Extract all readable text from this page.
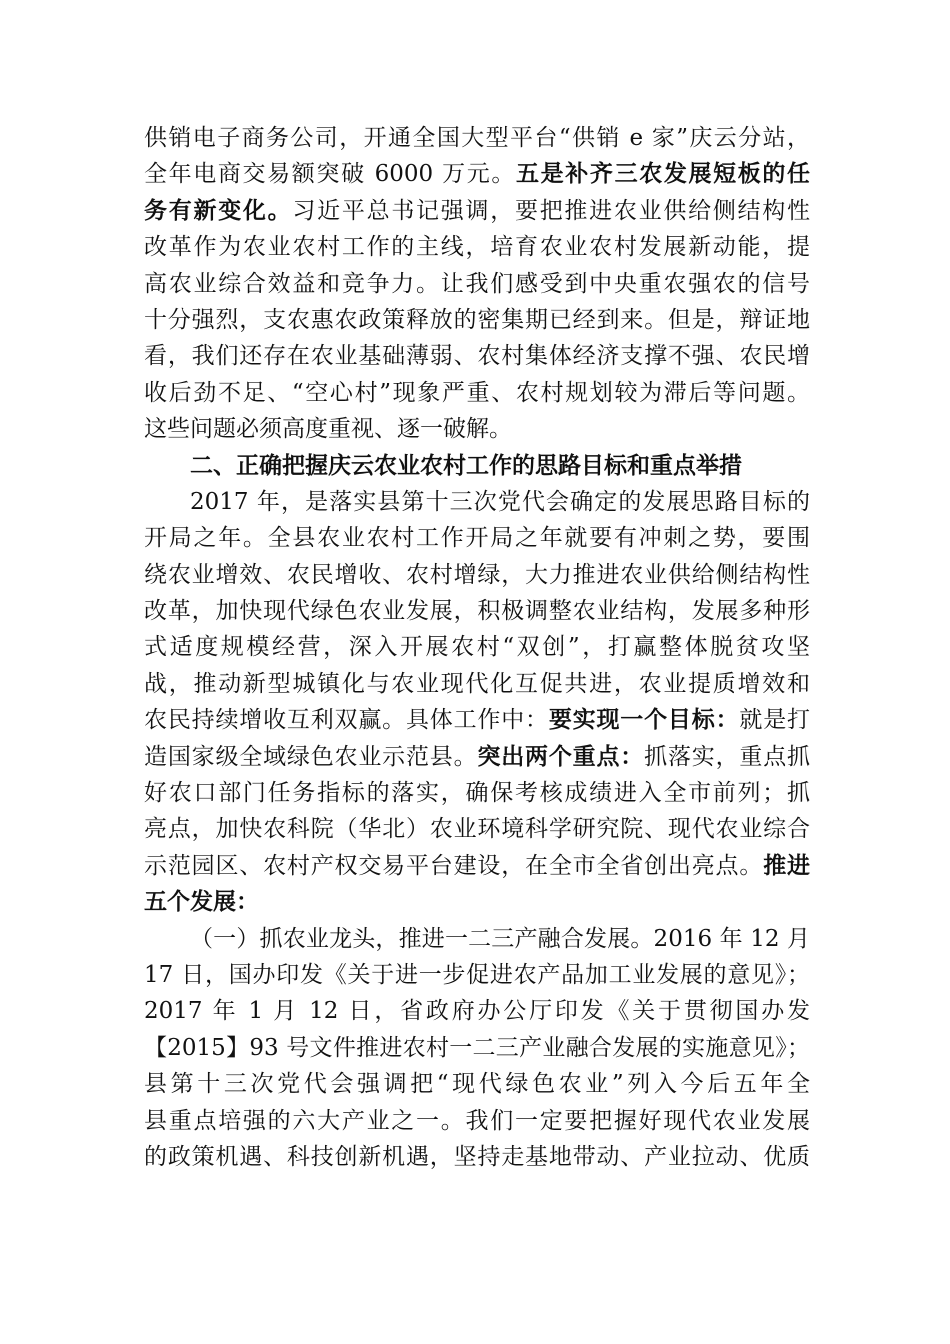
供销电子商务公司，开通全国大型平台“供销 e 家”庆云分站，
全年电商交易额突破 6000 万元。五是补齐三农发展短板的任
务有新变化。习近平总书记强调，要把推进农业供给侧结构性
改革作为农业农村工作的主线，培育农业农村发展新动能，提
高农业综合效益和竞争力。让我们感受到中央重农强农的信号
十分强烈，支农惠农政策释放的密集期已经到来。但是，辩证地
看，我们还存在农业基础薄弱、农村集体经济支撑不强、农民增
收后劲不足、“空心村”现象严重、农村规划较为滞后等问题。
这些问题必须高度重视、逐一破解。
二、正确把握庆云农业农村工作的思路目标和重点举措
2017 年，是落实县第十三次党代会确定的发展思路目标的
开局之年。全县农业农村工作开局之年就要有冲刺之势，要围
绕农业增效、农民增收、农村增绿，大力推进农业供给侧结构性
改革，加快现代绿色农业发展，积极调整农业结构，发展多种形
式适度规模经营，深入开展农村“双创”，打赢整体脱贫攻坚
战，推动新型城镇化与农业现代化互促共进，农业提质增效和
农民持续增收互利双赢。具体工作中：要实现一个目标：就是打
造国家级全域绿色农业示范县。突出两个重点：抓落实，重点抓
好农口部门任务指标的落实，确保考核成绩进入全市前列；抓
亮点，加快农科院（华北）农业环境科学研究院、现代农业综合
示范园区、农村产权交易平台建设，在全市全省创出亮点。推进
五个发展：
（一）抓农业龙头，推进一二三产融合发展。2016 年 12 月
17 日，国办印发《关于进一步促进农产品加工业发展的意见》；
2017 年 1 月 12 日，省政府办公厅印发《关于贯彻国办发
【2015】93 号文件推进农村一二三产业融合发展的实施意见》；
县第十三次党代会强调把“现代绿色农业”列入今后五年全
县重点培强的六大产业之一。我们一定要把握好现代农业发展
的政策机遇、科技创新机遇，坚持走基地带动、产业拉动、优质
